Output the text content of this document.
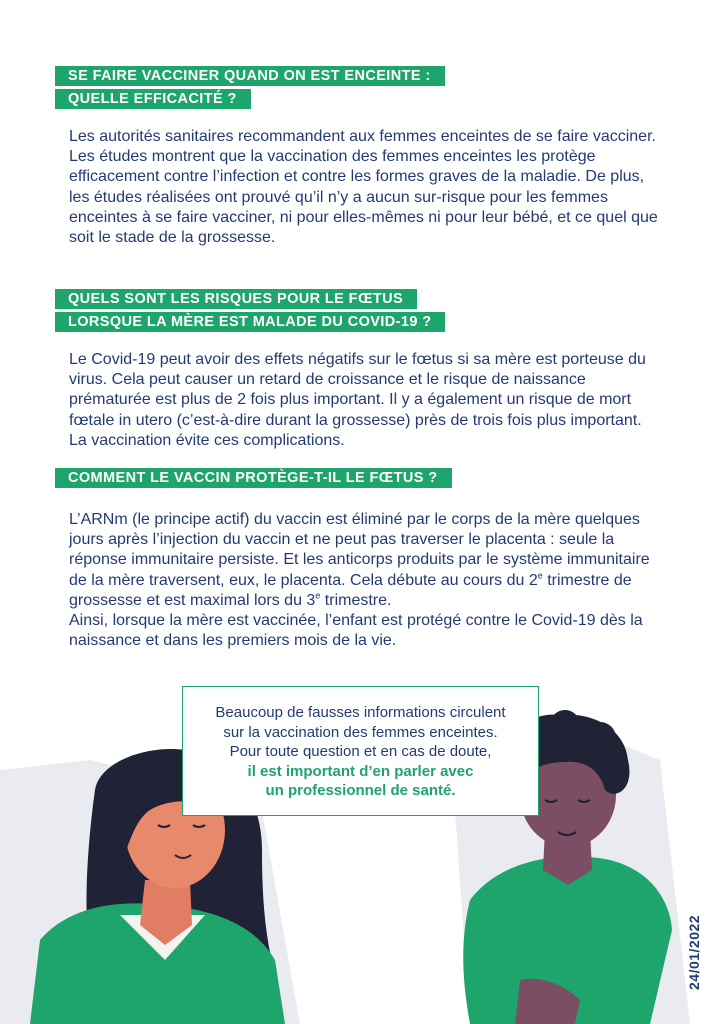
SE FAIRE VACCINER QUAND ON EST ENCEINTE :
QUELLE EFFICACITÉ ?

Les autorités sanitaires recommandent aux femmes enceintes de se faire vacciner.

Les études montrent que la vaccination des femmes enceintes les protège efficacement contre l’infection et contre les formes graves de la maladie. De plus, les études réalisées ont prouvé qu’il n’y a aucun sur-risque pour les femmes enceintes à se faire vacciner, ni pour elles-mêmes ni pour leur bébé, et ce quel que soit le stade de la grossesse.

QUELS SONT LES RISQUES POUR LE FŒTUS
LORSQUE LA MÈRE EST MALADE DU COVID-19 ?

Le Covid-19 peut avoir des effets négatifs sur le fœtus si sa mère est porteuse du virus. Cela peut causer un retard de croissance et le risque de naissance prématurée est plus de 2 fois plus important. Il y a également un risque de mort fœtale in utero (c’est-à-dire durant la grossesse) près de trois fois plus important. La vaccination évite ces complications.

COMMENT LE VACCIN PROTÈGE-T-IL LE FŒTUS ?

L’ARNm (le principe actif) du vaccin est éliminé par le corps de la mère quelques jours après l’injection du vaccin et ne peut pas traverser le placenta : seule la réponse immunitaire persiste. Et les anticorps produits par le système immunitaire de la mère traversent, eux, le placenta. Cela débute au cours du 2e trimestre de grossesse et est maximal lors du 3e trimestre.

Ainsi, lorsque la mère est vaccinée, l’enfant est protégé contre le Covid-19 dès la naissance et dans les premiers mois de la vie.

Beaucoup de fausses informations circulent
sur la vaccination des femmes enceintes.
Pour toute question et en cas de doute,
il est important d’en parler avec
un professionnel de santé.
24/01/2022
